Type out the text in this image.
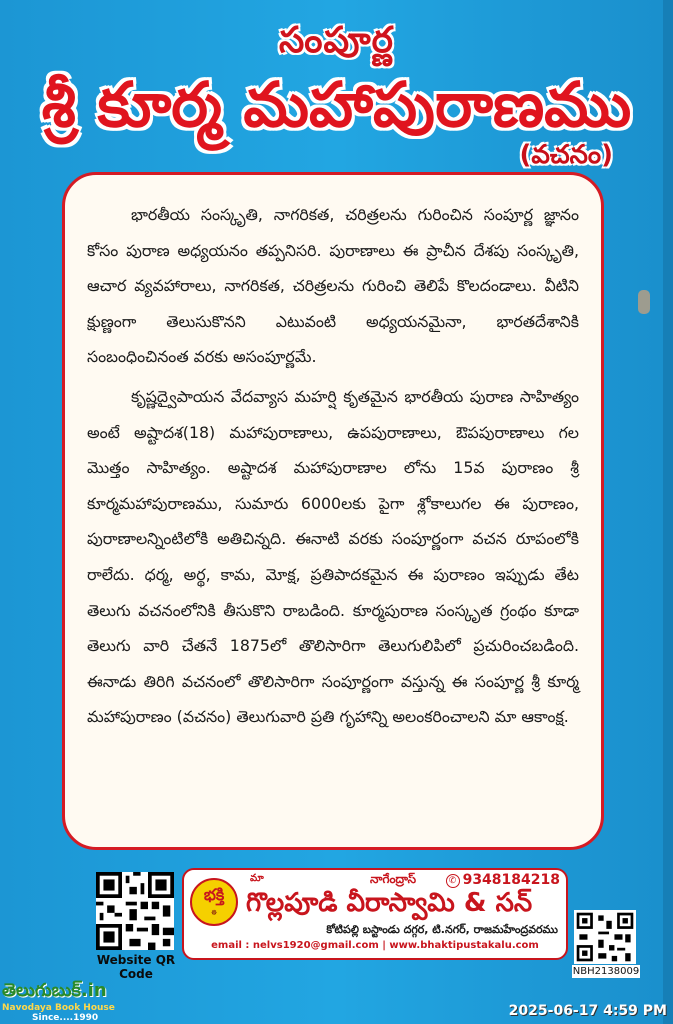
సంపూర్ణ
శ్రీ కూర్మ మహాపురాణము
(వచనం)

భారతీయ సంస్కృతి, నాగరికత, చరిత్రలను గురించిన సంపూర్ణ జ్ఞానం కోసం పురాణ అధ్యయనం తప్పనిసరి. పురాణాలు ఈ ప్రాచీన దేశపు సంస్కృతి, ఆచార వ్యవహారాలు, నాగరికత, చరిత్రలను గురించి తెలిపే కొలదండాలు. వీటిని క్షుణ్ణంగా తెలుసుకొనని ఎటువంటి అధ్యయనమైనా, భారతదేశానికి సంబంధించినంత వరకు అసంపూర్ణమే.

కృష్ణద్వైపాయన వేదవ్యాస మహర్షి కృతమైన భారతీయ పురాణ సాహిత్యం అంటే అష్టాదశ(18) మహాపురాణాలు, ఉపపురాణాలు, ఔపపురాణాలు గల మొత్తం సాహిత్యం. అష్టాదశ మహాపురాణాల లోను 15వ పురాణం శ్రీ కూర్మమహాపురాణము, సుమారు 6000లకు పైగా శ్లోకాలుగల ఈ పురాణం, పురాణాలన్నింటిలోకి అతిచిన్నది. ఈనాటి వరకు సంపూర్ణంగా వచన రూపంలోకి రాలేదు. ధర్మ, అర్థ, కామ, మోక్ష, ప్రతిపాదకమైన ఈ పురాణం ఇప్పుడు తేట తెలుగు వచనంలోనికి తీసుకొని రాబడింది. కూర్మపురాణ సంస్కృత గ్రంథం కూడా తెలుగు వారి చేతనే 1875లో తొలిసారిగా తెలుగులిపిలో ప్రచురించబడింది. ఈనాడు తిరిగి వచనంలో తొలిసారిగా సంపూర్ణంగా వస్తున్న ఈ సంపూర్ణ శ్రీ కూర్మ మహాపురాణం (వచనం) తెలుగువారి ప్రతి గృహాన్ని అలంకరించాలని మా ఆకాంక్ష.

Website QR Code
భక్తి
☸
మా	నాగేంద్రాస్	✆ 9348184218
గొల్లపూడి వీరాస్వామి & సన్
కోటిపల్లి బస్టాండు దగ్గర, టి.నగర్, రాజమహేంద్రవరము
email : nelvs1920@gmail.com | www.bhaktipustakalu.com
NBH2138009
తెలుగుబుక్.in
Navodaya Book House
Since....1990	2025-06-17 4:59 PM
